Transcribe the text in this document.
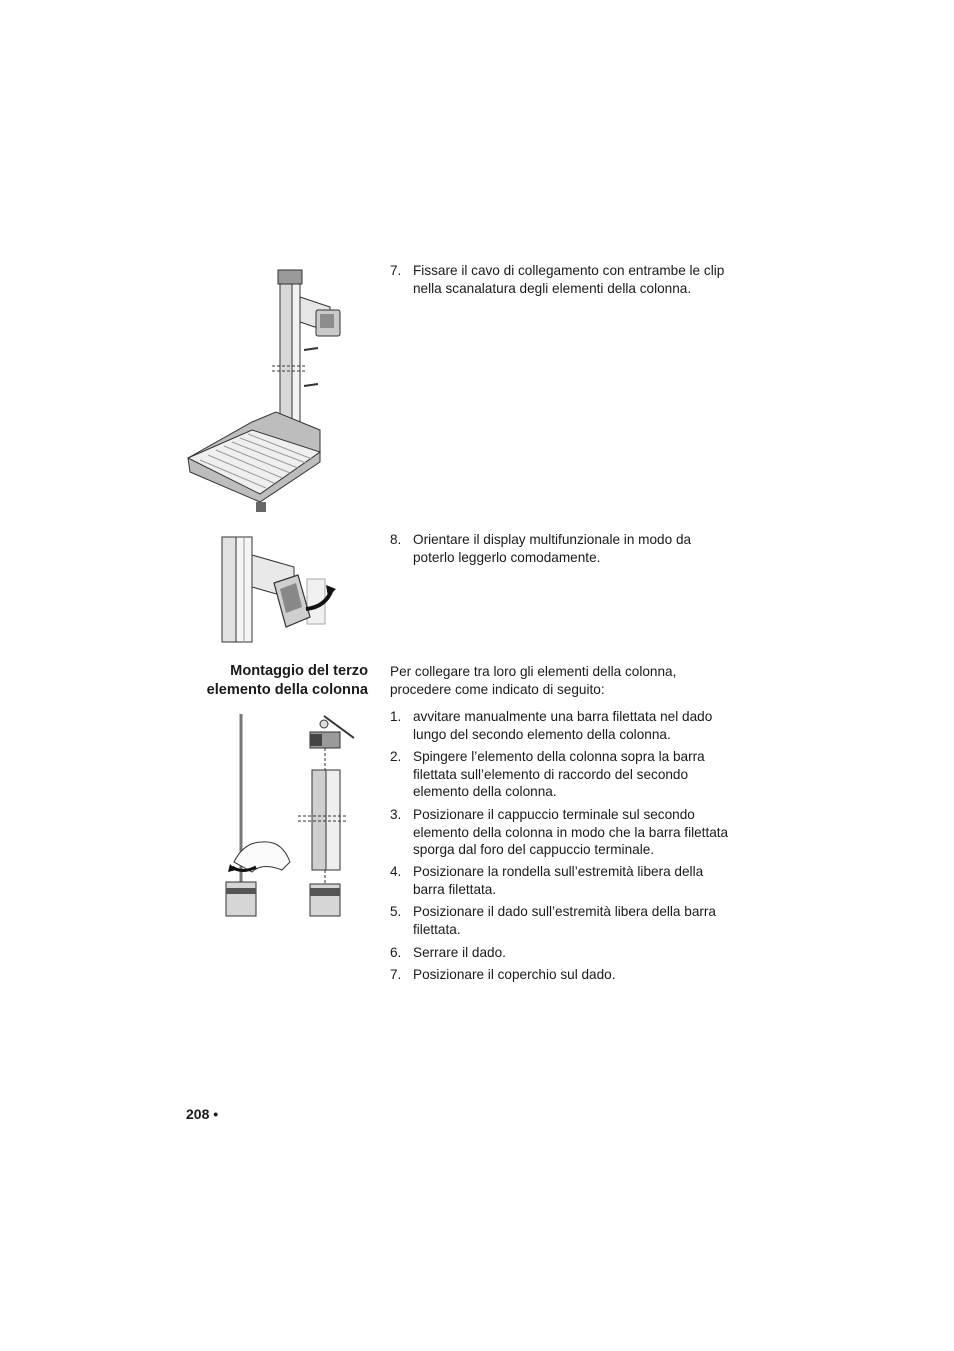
7. Fissare il cavo di collegamento con entrambe le clip nella scanalatura degli elementi della colonna.
8. Orientare il display multifunzionale in modo da poterlo leggerlo comodamente.
Montaggio del terzo
elemento della colonna
Per collegare tra loro gli elementi della colonna, procedere come indicato di seguito:
1. avvitare manualmente una barra filettata nel dado lungo del secondo elemento della colonna.
2. Spingere l’elemento della colonna sopra la barra filettata sull’elemento di raccordo del secondo elemento della colonna.
3. Posizionare il cappuccio terminale sul secondo elemento della colonna in modo che la barra filettata sporga dal foro del cappuccio terminale.
4. Posizionare la rondella sull’estremità libera della barra filettata.
5. Posizionare il dado sull’estremità libera della barra filettata.
6. Serrare il dado.
7. Posizionare il coperchio sul dado.
208 •
